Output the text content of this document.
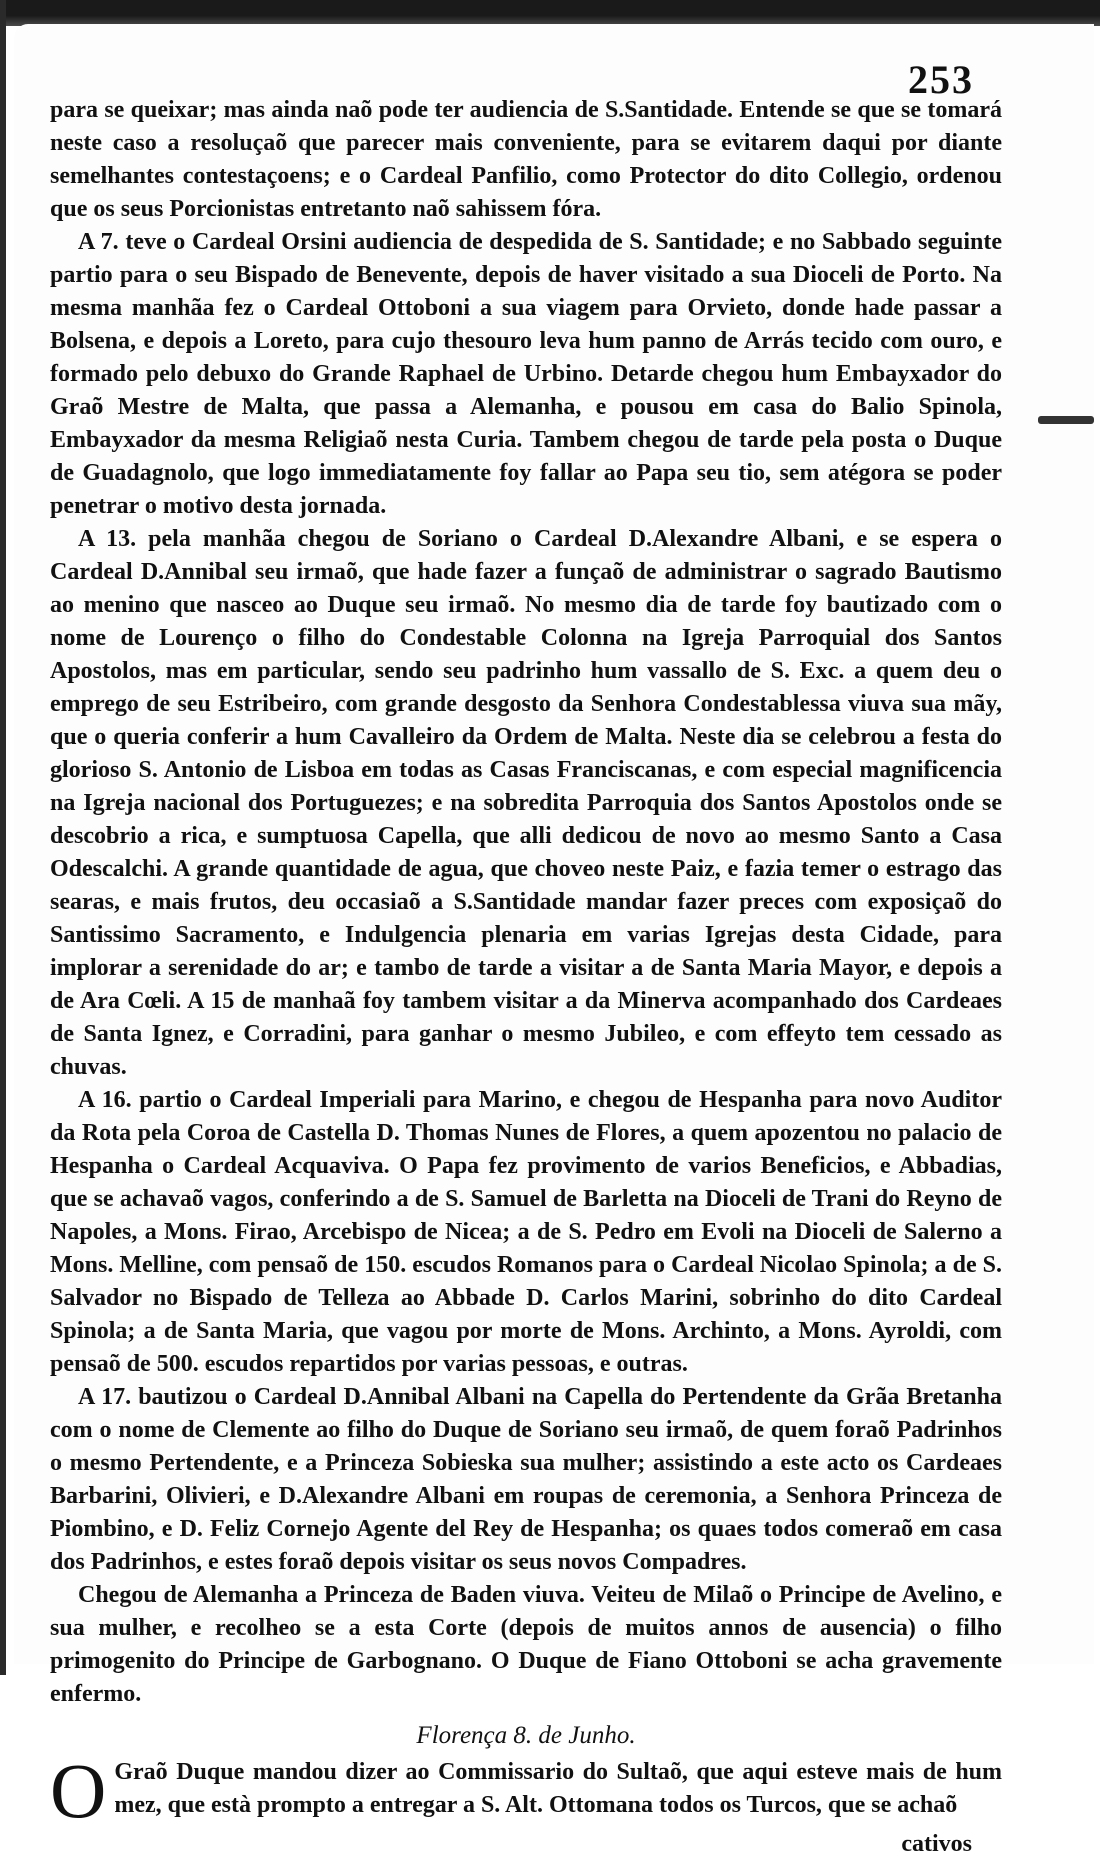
253

para se queixar; mas ainda naõ pode ter audiencia de S.Santidade. Entende se que se tomará neste caso a resoluçaõ que parecer mais conveniente, para se evitarem daqui por diante semelhantes contestaçoens; e o Cardeal Panfilio, como Protector do dito Collegio, ordenou que os seus Porcionistas entretanto naõ sahissem fóra.

A 7. teve o Cardeal Orsini audiencia de despedida de S. Santidade; e no Sabbado seguinte partio para o seu Bispado de Benevente, depois de haver visitado a sua Dioceli de Porto. Na mesma manhãa fez o Cardeal Ottoboni a sua viagem para Orvieto, donde hade passar a Bolsena, e depois a Loreto, para cujo thesouro leva hum panno de Arrás tecido com ouro, e formado pelo debuxo do Grande Raphael de Urbino. Detarde chegou hum Embayxador do Graõ Mestre de Malta, que passa a Alemanha, e pousou em casa do Balio Spinola, Embayxador da mesma Religiaõ nesta Curia. Tambem chegou de tarde pela posta o Duque de Guadagnolo, que logo immediatamente foy fallar ao Papa seu tio, sem atégora se poder penetrar o motivo desta jornada.

A 13. pela manhãa chegou de Soriano o Cardeal D.Alexandre Albani, e se espera o Cardeal D.Annibal seu irmaõ, que hade fazer a funçaõ de administrar o sagrado Bautismo ao menino que nasceo ao Duque seu irmaõ. No mesmo dia de tarde foy bautizado com o nome de Lourenço o filho do Condestable Colonna na Igreja Parroquial dos Santos Apostolos, mas em particular, sendo seu padrinho hum vassallo de S. Exc. a quem deu o emprego de seu Estribeiro, com grande desgosto da Senhora Condestablessa viuva sua mãy, que o queria conferir a hum Cavalleiro da Ordem de Malta. Neste dia se celebrou a festa do glorioso S. Antonio de Lisboa em todas as Casas Franciscanas, e com especial magnificencia na Igreja nacional dos Portuguezes; e na sobredita Parroquia dos Santos Apostolos onde se descobrio a rica, e sumptuosa Capella, que alli dedicou de novo ao mesmo Santo a Casa Odescalchi. A grande quantidade de agua, que choveo neste Paiz, e fazia temer o estrago das searas, e mais frutos, deu occasiaõ a S.Santidade mandar fazer preces com exposiçaõ do Santissimo Sacramento, e Indulgencia plenaria em varias Igrejas desta Cidade, para implorar a serenidade do ar; e tambo de tarde a visitar a de Santa Maria Mayor, e depois a de Ara Cœli. A 15 de manhaã foy tambem visitar a da Minerva acompanhado dos Cardeaes de Santa Ignez, e Corradini, para ganhar o mesmo Jubileo, e com effeyto tem cessado as chuvas.

A 16. partio o Cardeal Imperiali para Marino, e chegou de Hespanha para novo Auditor da Rota pela Coroa de Castella D. Thomas Nunes de Flores, a quem apozentou no palacio de Hespanha o Cardeal Acquaviva. O Papa fez provimento de varios Beneficios, e Abbadias, que se achavaõ vagos, conferindo a de S. Samuel de Barletta na Dioceli de Trani do Reyno de Napoles, a Mons. Firao, Arcebispo de Nicea; a de S. Pedro em Evoli na Dioceli de Salerno a Mons. Melline, com pensaõ de 150. escudos Romanos para o Cardeal Nicolao Spinola; a de S. Salvador no Bispado de Telleza ao Abbade D. Carlos Marini, sobrinho do dito Cardeal Spinola; a de Santa Maria, que vagou por morte de Mons. Archinto, a Mons. Ayroldi, com pensaõ de 500. escudos repartidos por varias pessoas, e outras.

A 17. bautizou o Cardeal D.Annibal Albani na Capella do Pertendente da Grãa Bretanha com o nome de Clemente ao filho do Duque de Soriano seu irmaõ, de quem foraõ Padrinhos o mesmo Pertendente, e a Princeza Sobieska sua mulher; assistindo a este acto os Cardeaes Barbarini, Olivieri, e D.Alexandre Albani em roupas de ceremonia, a Senhora Princeza de Piombino, e D. Feliz Cornejo Agente del Rey de Hespanha; os quaes todos comeraõ em casa dos Padrinhos, e estes foraõ depois visitar os seus novos Compadres.

Chegou de Alemanha a Princeza de Baden viuva. Veiteu de Milaõ o Principe de Avelino, e sua mulher, e recolheo se a esta Corte (depois de muitos annos de ausencia) o filho primogenito do Principe de Garbognano. O Duque de Fiano Ottoboni se acha gravemente enfermo.

Florença 8. de Junho.

O Graõ Duque mandou dizer ao Commissario do Sultaõ, que aqui esteve mais de hum mez, que està prompto a entregar a S. Alt. Ottomana todos os Turcos, que se achaõ

cativos
